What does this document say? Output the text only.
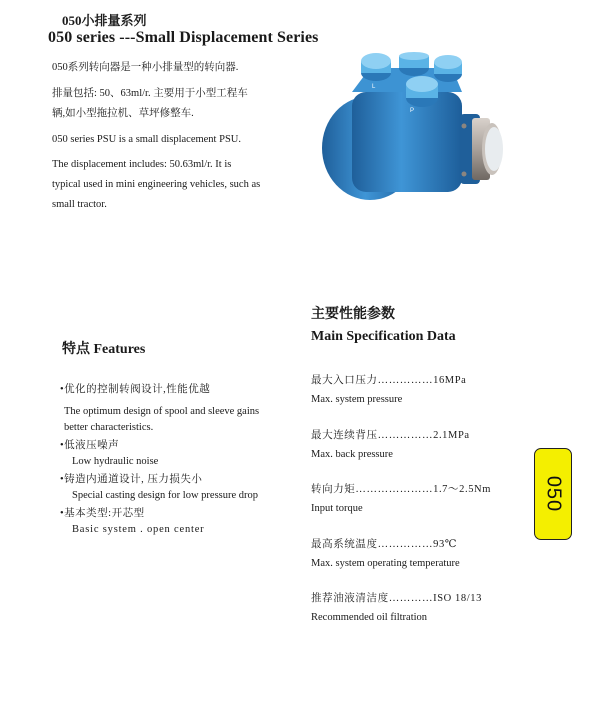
050小排量系列
050 series ---Small Displacement Series

050系列转向器是一种小排量型的转向器.

排量包括: 50、63ml/r. 主要用于小型工程车辆,如小型拖拉机、草坪修整车.

050 series PSU is a small displacement PSU.

The displacement includes: 50.63ml/r. It is typical used in mini engineering vehicles, such as small tractor.

L
P
特点 Features
•优化的控制转阀设计,性能优越
The optimum design of spool and sleeve gains better characteristics.
•低液压噪声
Low hydraulic noise
•铸造内通道设计, 压力损失小
Special casting design for low pressure drop
•基本类型:开芯型
Basic system . open center
主要性能参数
Main Specification Data
最大入口压力……………16MPa
Max. system pressure
最大连续背压……………2.1MPa
Max. back pressure
转向力矩…………………1.7～2.5Nm
Input torque
最高系统温度……………93℃
Max. system operating temperature
推荐油液清洁度…………ISO 18/13
Recommended oil filtration
050
